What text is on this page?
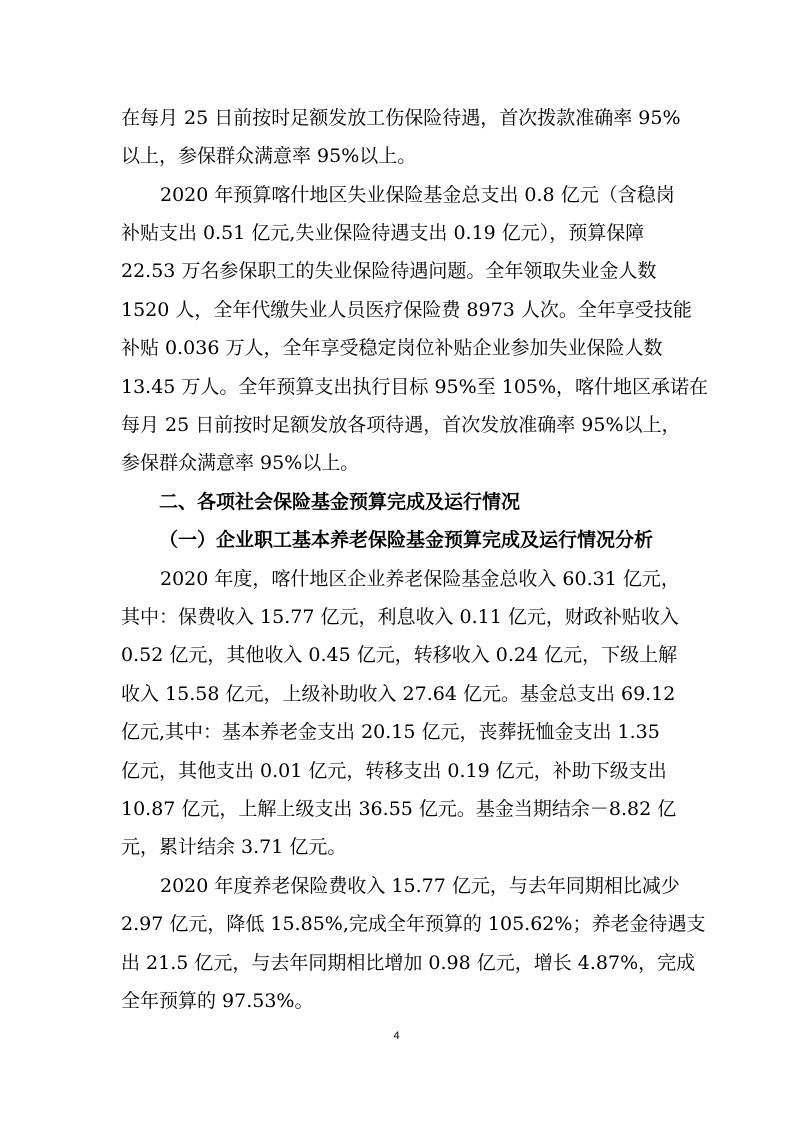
在每月 25 日前按时足额发放工伤保险待遇，首次拨款准确率 95%
以上，参保群众满意率 95%以上。
2020 年预算喀什地区失业保险基金总支出 0.8 亿元（含稳岗
补贴支出 0.51 亿元,失业保险待遇支出 0.19 亿元），预算保障
22.53 万名参保职工的失业保险待遇问题。全年领取失业金人数
1520 人，全年代缴失业人员医疗保险费 8973 人次。全年享受技能
补贴 0.036 万人，全年享受稳定岗位补贴企业参加失业保险人数
13.45 万人。全年预算支出执行目标 95%至 105%，喀什地区承诺在
每月 25 日前按时足额发放各项待遇，首次发放准确率 95%以上，
参保群众满意率 95%以上。
二、各项社会保险基金预算完成及运行情况
（一）企业职工基本养老保险基金预算完成及运行情况分析
2020 年度，喀什地区企业养老保险基金总收入 60.31 亿元，
其中：保费收入 15.77 亿元，利息收入 0.11 亿元，财政补贴收入
0.52 亿元，其他收入 0.45 亿元，转移收入 0.24 亿元，下级上解
收入 15.58 亿元，上级补助收入 27.64 亿元。基金总支出 69.12
亿元,其中：基本养老金支出 20.15 亿元，丧葬抚恤金支出 1.35
亿元，其他支出 0.01 亿元，转移支出 0.19 亿元，补助下级支出
10.87 亿元，上解上级支出 36.55 亿元。基金当期结余－8.82 亿
元，累计结余 3.71 亿元。
2020 年度养老保险费收入 15.77 亿元，与去年同期相比减少
2.97 亿元，降低 15.85%,完成全年预算的 105.62%；养老金待遇支
出 21.5 亿元，与去年同期相比增加 0.98 亿元，增长 4.87%，完成
全年预算的 97.53%。
4
